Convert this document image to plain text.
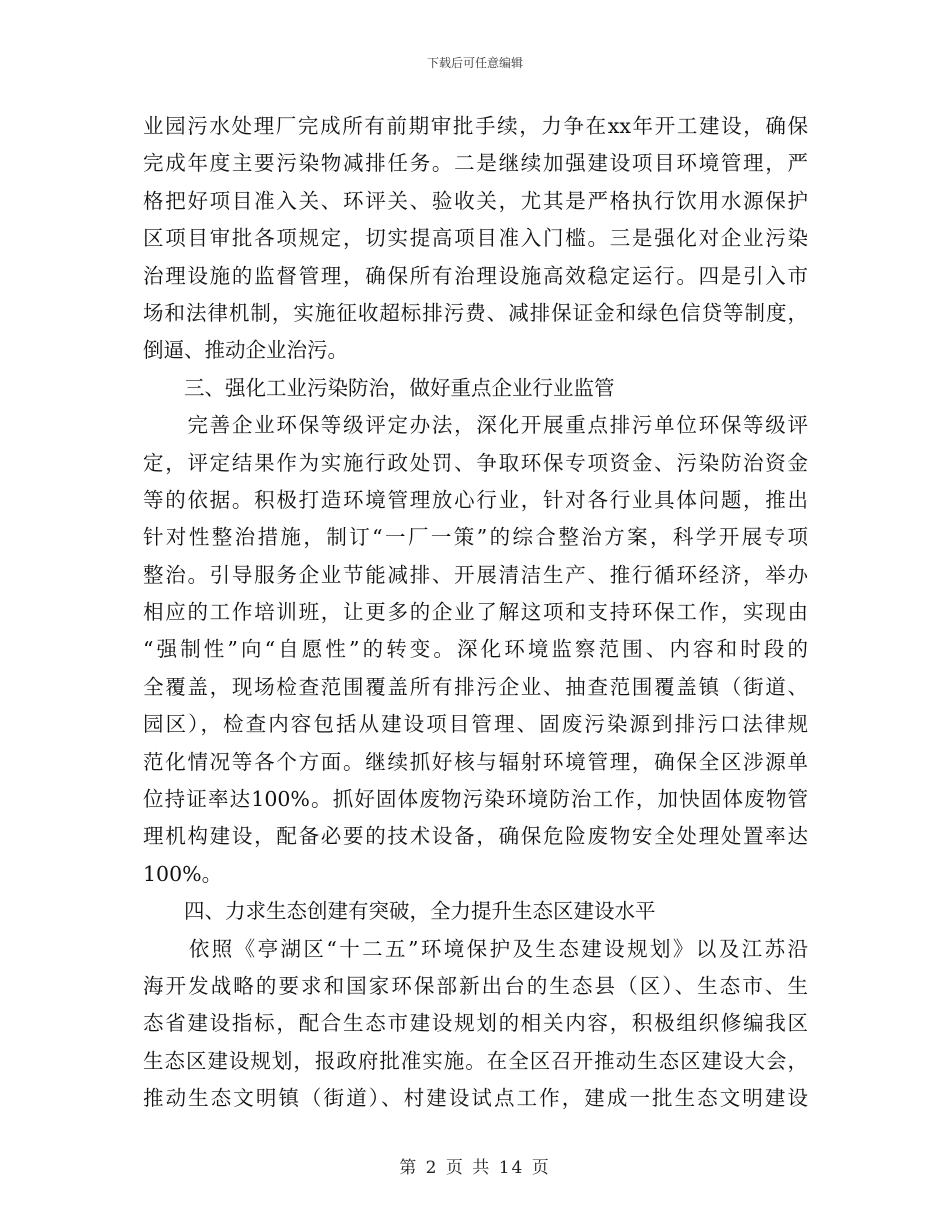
下载后可任意编辑
业园污水处理厂完成所有前期审批手续，力争在xx年开工建设，确保
完成年度主要污染物减排任务。二是继续加强建设项目环境管理，严
格把好项目准入关、环评关、验收关，尤其是严格执行饮用水源保护
区项目审批各项规定，切实提高项目准入门槛。三是强化对企业污染
治理设施的监督管理，确保所有治理设施高效稳定运行。四是引入市
场和法律机制，实施征收超标排污费、减排保证金和绿色信贷等制度，
倒逼、推动企业治污。
　　三、强化工业污染防治，做好重点企业行业监管
　　完善企业环保等级评定办法，深化开展重点排污单位环保等级评
定，评定结果作为实施行政处罚、争取环保专项资金、污染防治资金
等的依据。积极打造环境管理放心行业，针对各行业具体问题，推出
针对性整治措施，制订“一厂一策”的综合整治方案，科学开展专项
整治。引导服务企业节能减排、开展清洁生产、推行循环经济，举办
相应的工作培训班，让更多的企业了解这项和支持环保工作，实现由
“强制性”向“自愿性”的转变。深化环境监察范围、内容和时段的
全覆盖，现场检查范围覆盖所有排污企业、抽查范围覆盖镇（街道、
园区），检查内容包括从建设项目管理、固废污染源到排污口法律规
范化情况等各个方面。继续抓好核与辐射环境管理，确保全区涉源单
位持证率达100%。抓好固体废物污染环境防治工作，加快固体废物管
理机构建设，配备必要的技术设备，确保危险废物安全处理处置率达
100%。
　　四、力求生态创建有突破，全力提升生态区建设水平
　　依照《亭湖区“十二五”环境保护及生态建设规划》以及江苏沿
海开发战略的要求和国家环保部新出台的生态县（区）、生态市、生
态省建设指标，配合生态市建设规划的相关内容，积极组织修编我区
生态区建设规划，报政府批准实施。在全区召开推动生态区建设大会，
推动生态文明镇（街道）、村建设试点工作，建成一批生态文明建设
第 2 页 共 14 页
